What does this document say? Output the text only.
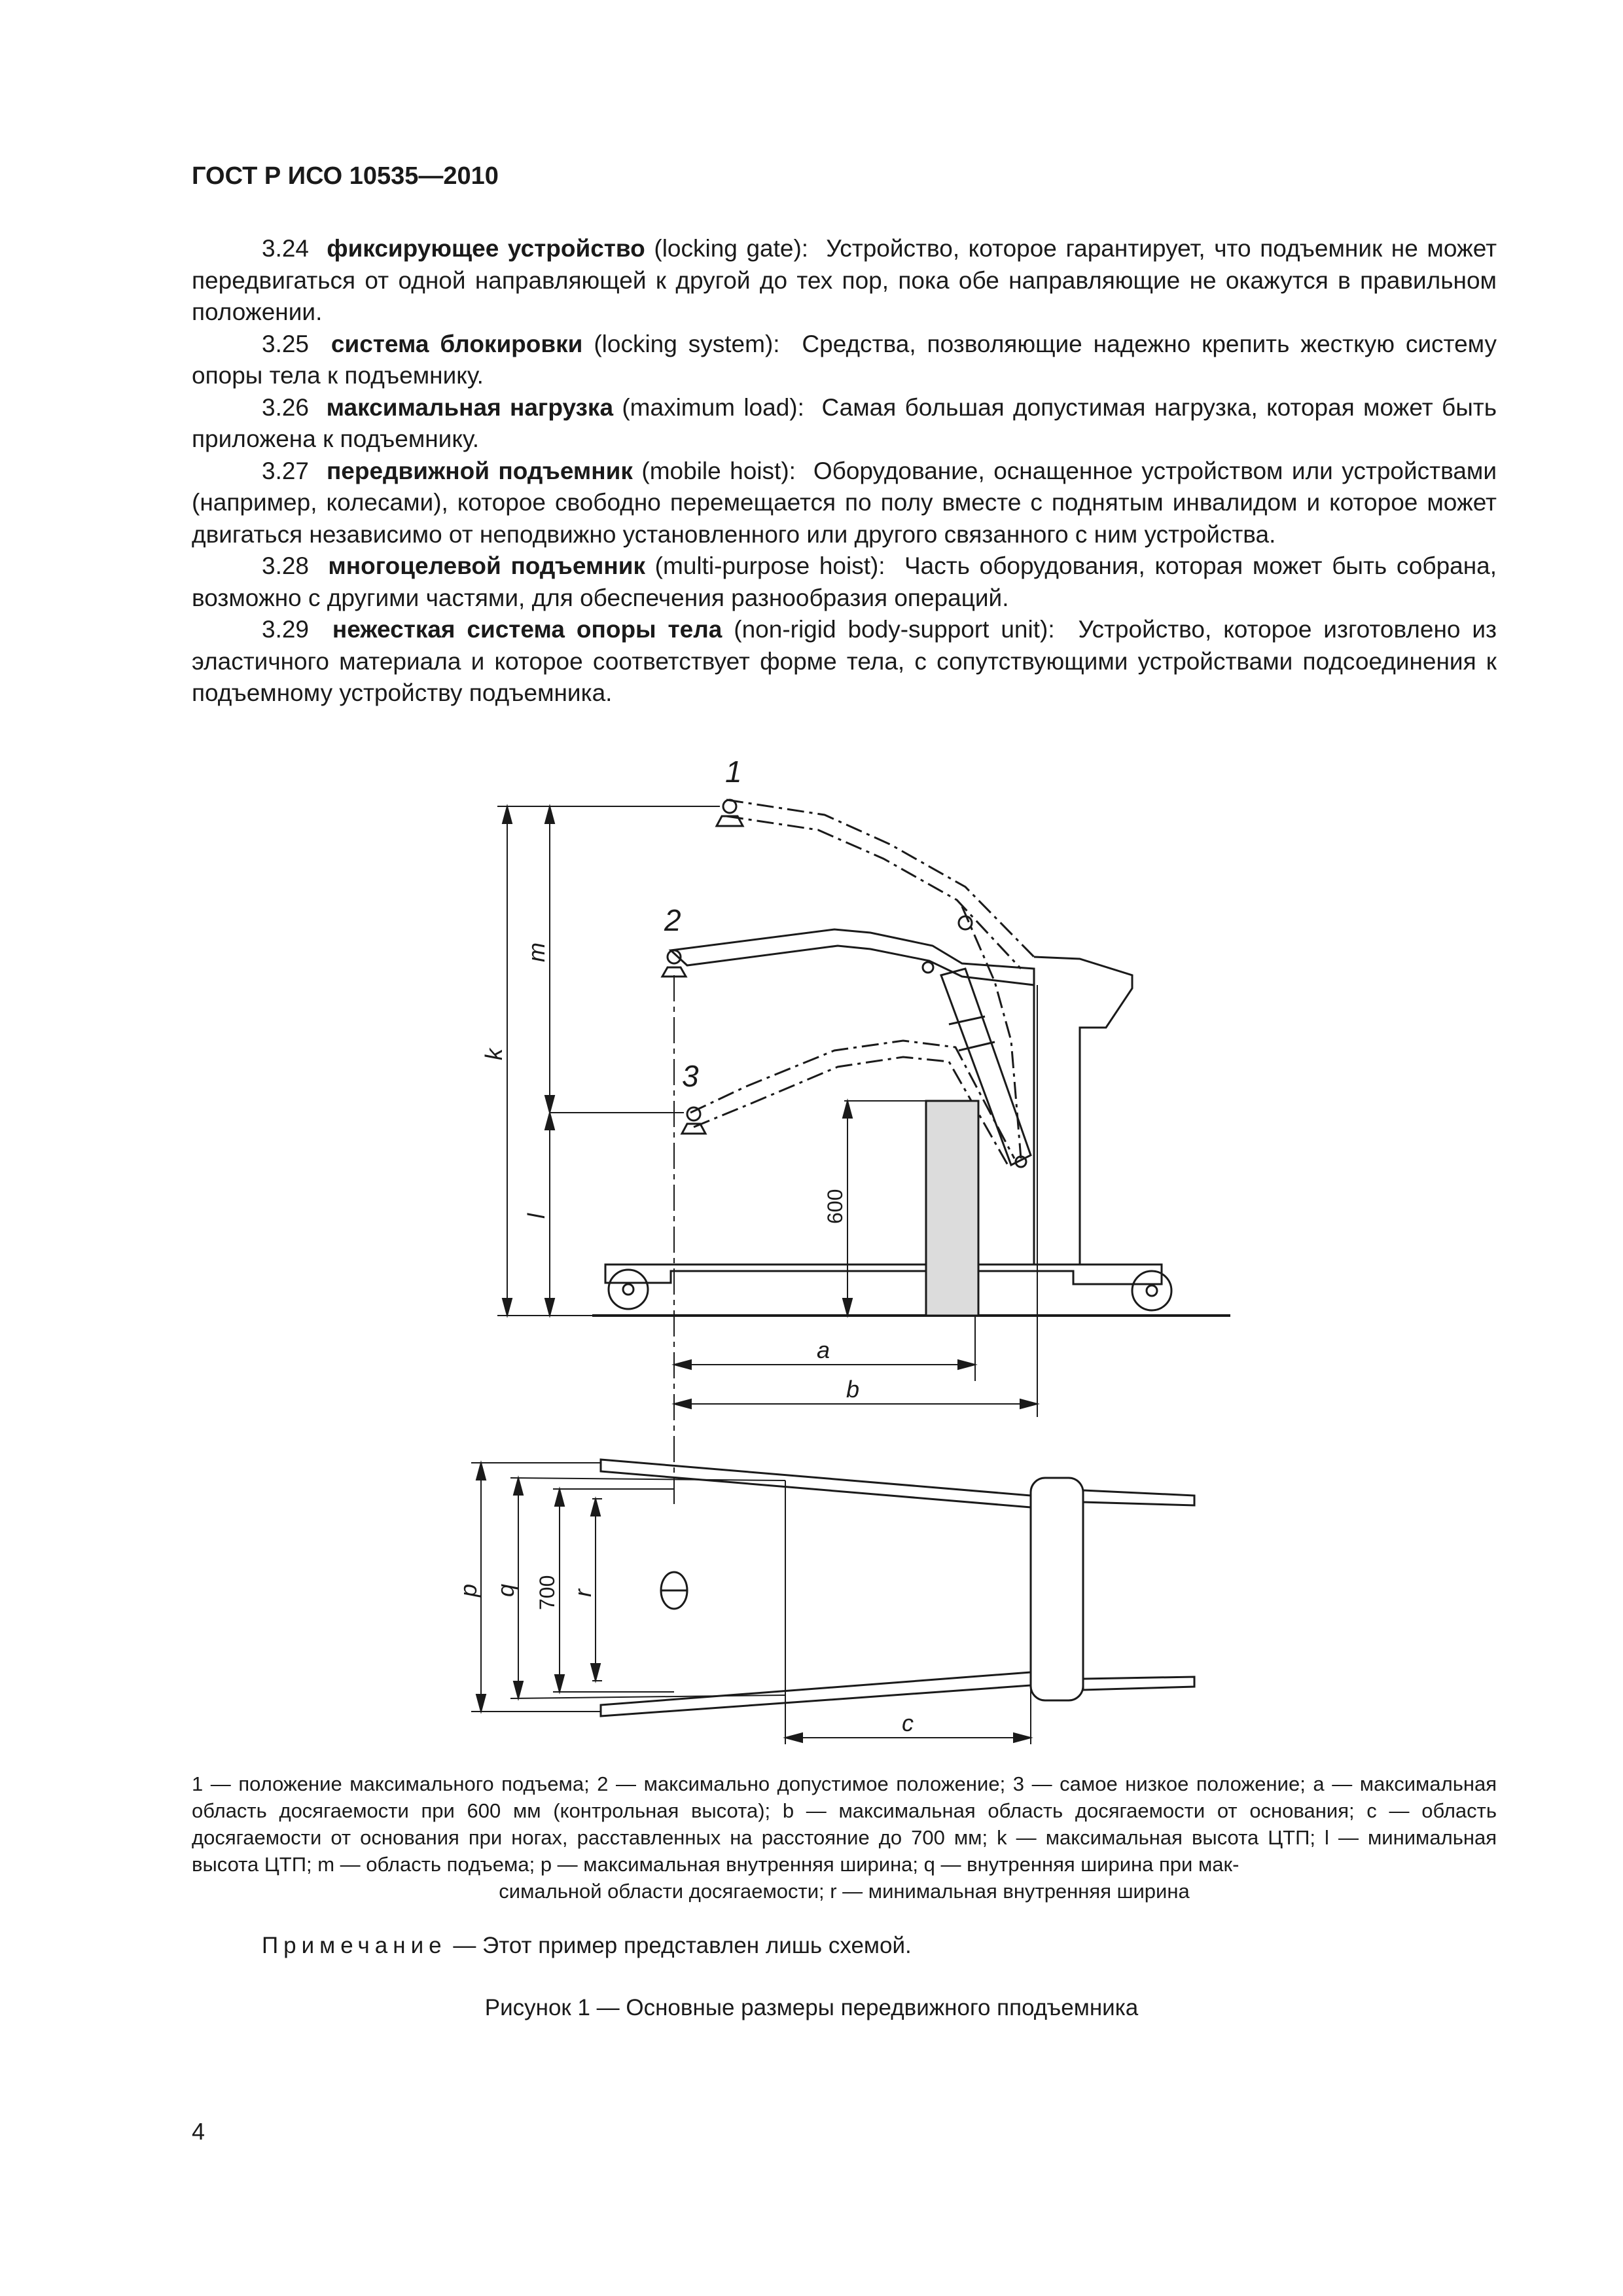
ГОСТ Р ИСО 10535—2010

3.24 фиксирующее устройство (locking gate): Устройство, которое гарантирует, что подъемник не может передвигаться от одной направляющей к другой до тех пор, пока обе направляющие не окажутся в правильном положении.

3.25 система блокировки (locking system): Средства, позволяющие надежно крепить жесткую систему опоры тела к подъемнику.

3.26 максимальная нагрузка (maximum load): Самая большая допустимая нагрузка, которая может быть приложена к подъемнику.

3.27 передвижной подъемник (mobile hoist): Оборудование, оснащенное устройством или устройствами (например, колесами), которое свободно перемещается по полу вместе с поднятым инвалидом и которое может двигаться независимо от неподвижно установленного или другого связанного с ним устройства.

3.28 многоцелевой подъемник (multi-purpose hoist): Часть оборудования, которая может быть собрана, возможно с другими частями, для обеспечения разнообразия операций.

3.29 нежесткая система опоры тела (non-rigid body-support unit): Устройство, которое изготовлено из эластичного материала и которое соответствует форме тела, с сопутствующими устройствами подсоединения к подъемному устройству подъемника.

1
2
3
k
m
l	600
a
b
p q 700 r
c
1 — положение максимального подъема; 2 — максимально допустимое положение; 3 — самое низкое положение; a — максимальная область досягаемости при 600 мм (контрольная высота); b — максимальная область досягаемости от основания; c — область досягаемости от основания при ногах, расставленных на расстояние до 700 мм; k — максимальная высота ЦТП; l — минимальная высота ЦТП; m — область подъема; p — максимальная внутренняя ширина; q — внутренняя ширина при мак-
симальной области досягаемости; r — минимальная внутренняя ширина
Примечание — Этот пример представлен лишь схемой.
Рисунок 1 — Основные размеры передвижного пподъемника
4
